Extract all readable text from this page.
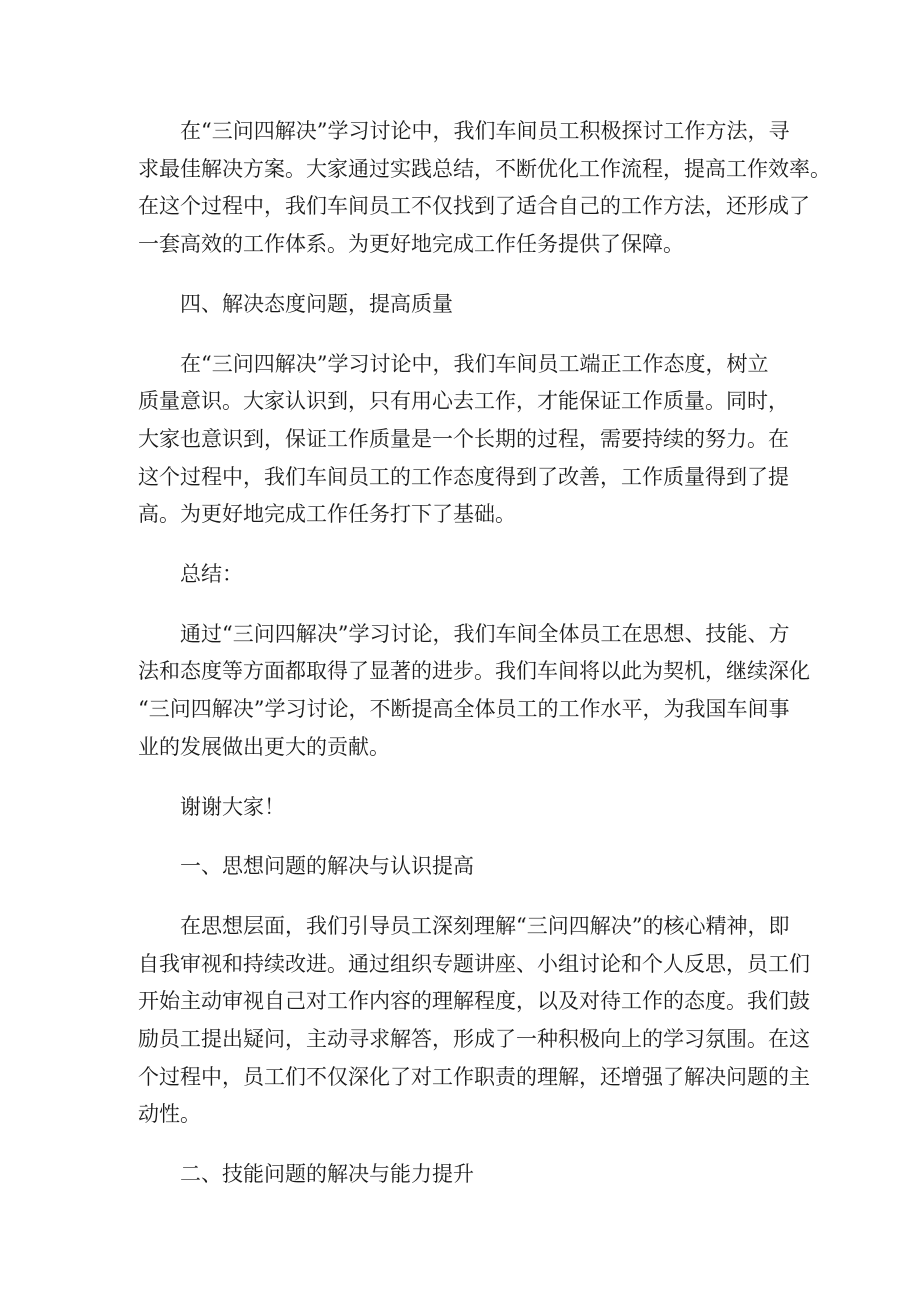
在“三问四解决”学习讨论中，我们车间员工积极探讨工作方法，寻
求最佳解决方案。大家通过实践总结，不断优化工作流程，提高工作效率。
在这个过程中，我们车间员工不仅找到了适合自己的工作方法，还形成了
一套高效的工作体系。为更好地完成工作任务提供了保障。
四、解决态度问题，提高质量
在“三问四解决”学习讨论中，我们车间员工端正工作态度，树立
质量意识。大家认识到，只有用心去工作，才能保证工作质量。同时，
大家也意识到，保证工作质量是一个长期的过程，需要持续的努力。在
这个过程中，我们车间员工的工作态度得到了改善，工作质量得到了提
高。为更好地完成工作任务打下了基础。
总结：
通过“三问四解决”学习讨论，我们车间全体员工在思想、技能、方
法和态度等方面都取得了显著的进步。我们车间将以此为契机，继续深化
“三问四解决”学习讨论，不断提高全体员工的工作水平，为我国车间事
业的发展做出更大的贡献。
谢谢大家！
一、思想问题的解决与认识提高
在思想层面，我们引导员工深刻理解“三问四解决”的核心精神，即
自我审视和持续改进。通过组织专题讲座、小组讨论和个人反思，员工们
开始主动审视自己对工作内容的理解程度，以及对待工作的态度。我们鼓
励员工提出疑问，主动寻求解答，形成了一种积极向上的学习氛围。在这
个过程中，员工们不仅深化了对工作职责的理解，还增强了解决问题的主
动性。
二、技能问题的解决与能力提升
